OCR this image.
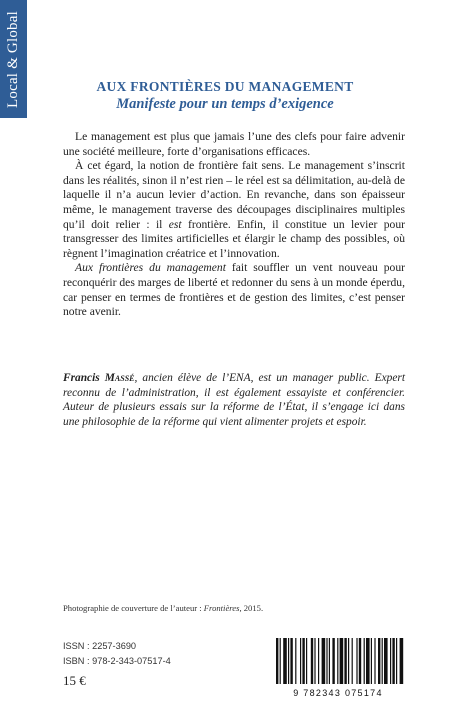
Local & Global	AUX FRONTIÈRES DU MANAGEMENT
Manifeste pour un temps d’exigence

Le management est plus que jamais l’une des clefs pour faire advenir une société meilleure, forte d’organisations efficaces.

À cet égard, la notion de frontière fait sens. Le management s’inscrit dans les réalités, sinon il n’est rien – le réel est sa délimitation, au-delà de laquelle il n’a aucun levier d’action. En revanche, dans son épaisseur même, le management traverse des découpages disciplinaires multiples qu’il doit relier : il est frontière. Enfin, il constitue un levier pour transgresser des limites artificielles et élargir le champ des possibles, où règnent l’imagination créatrice et l’innovation.

Aux frontières du management fait souffler un vent nouveau pour reconquérir des marges de liberté et redonner du sens à un monde éperdu, car penser en termes de frontières et de gestion des limites, c’est penser notre avenir.

Francis Massé, ancien élève de l’ENA, est un manager public. Expert reconnu de l’administration, il est également essayiste et conférencier. Auteur de plusieurs essais sur la réforme de l’État, il s’engage ici dans une philosophie de la réforme qui vient alimenter projets et espoir.

Photographie de couverture de l’auteur : Frontières, 2015.

ISSN : 2257-3690

ISBN : 978-2-343-07517-4

15 €

9 782343 075174
